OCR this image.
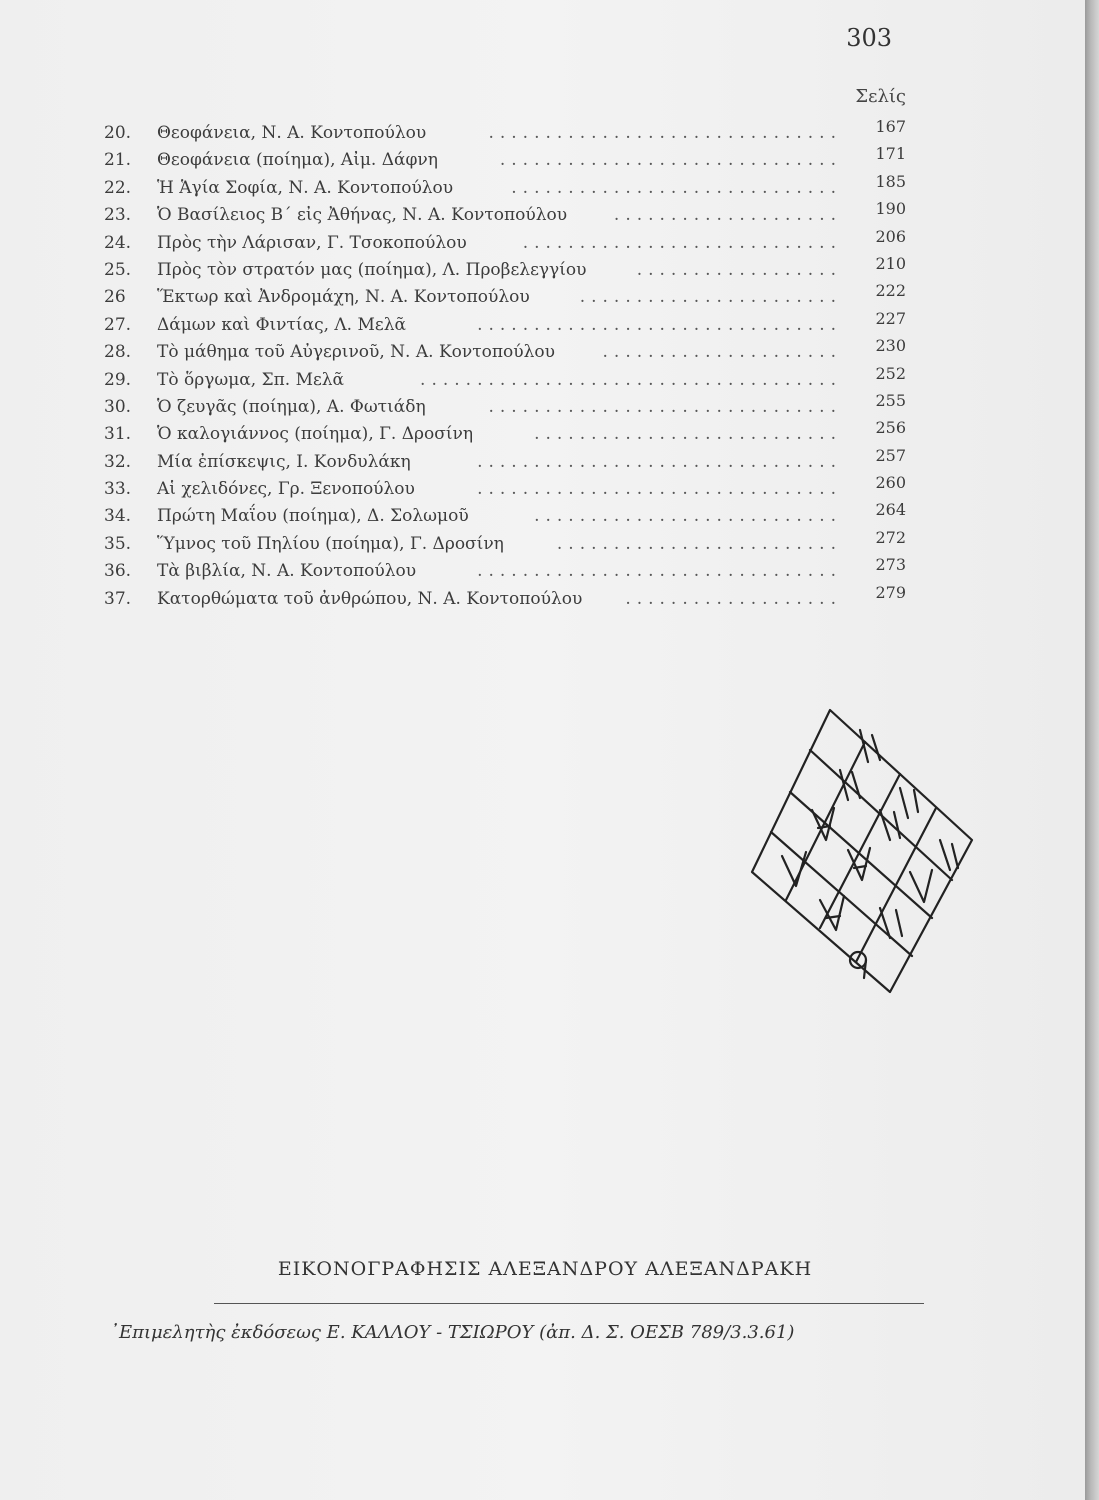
303
Σελίς
20.	Θεοφάνεια, Ν. Α. Κοντοπούλου	...............................	167
21.	Θεοφάνεια (ποίημα), Αἰμ. Δάφνη	..............................	171
22.	Ἡ Ἁγία Σοφία, Ν. Α. Κοντοπούλου	.............................	185
23.	Ὁ Βασίλειος Β΄ εἰς Ἀθήνας, Ν. Α. Κοντοπούλου	....................	190
24.	Πρὸς τὴν Λάρισαν, Γ. Τσοκοπούλου	............................	206
25.	Πρὸς τὸν στρατόν μας (ποίημα), Λ. Προβελεγγίου	..................	210
26	Ἕκτωρ καὶ Ἀνδρομάχη, Ν. Α. Κοντοπούλου	.......................	222
27.	Δάμων καὶ Φιντίας, Λ. Μελᾶ	................................	227
28.	Τὸ μάθημα τοῦ Αὐγερινοῦ, Ν. Α. Κοντοπούλου	.....................	230
29.	Τὸ ὅργωμα, Σπ. Μελᾶ	.....................................	252
30.	Ὁ ζευγᾶς (ποίημα), Α. Φωτιάδη	...............................	255
31.	Ὁ καλογιάννος (ποίημα), Γ. Δροσίνη	...........................	256
32.	Μία ἐπίσκεψις, Ι. Κονδυλάκη	................................	257
33.	Αἱ χελιδόνες, Γρ. Ξενοπούλου	................................	260
34.	Πρώτη Μαΐου (ποίημα), Δ. Σολωμοῦ	...........................	264
35.	Ὕμνος τοῦ Πηλίου (ποίημα), Γ. Δροσίνη	.........................	272
36.	Τὰ βιβλία, Ν. Α. Κοντοπούλου	................................	273
37.	Κατορθώματα τοῦ ἀνθρώπου, Ν. Α. Κοντοπούλου	...................	279
ΕΙΚΟΝΟΓΡΑΦΗΣΙΣ ΑΛΕΞΑΝΔΡΟΥ ΑΛΕΞΑΝΔΡΑΚΗ
᾿Επιμελητὴς ἐκδόσεως Ε. ΚΑΛΛΟΥ - ΤΣΙΩΡΟΥ (ἀπ. Δ. Σ. ΟΕΣΒ 789/3.3.61)
